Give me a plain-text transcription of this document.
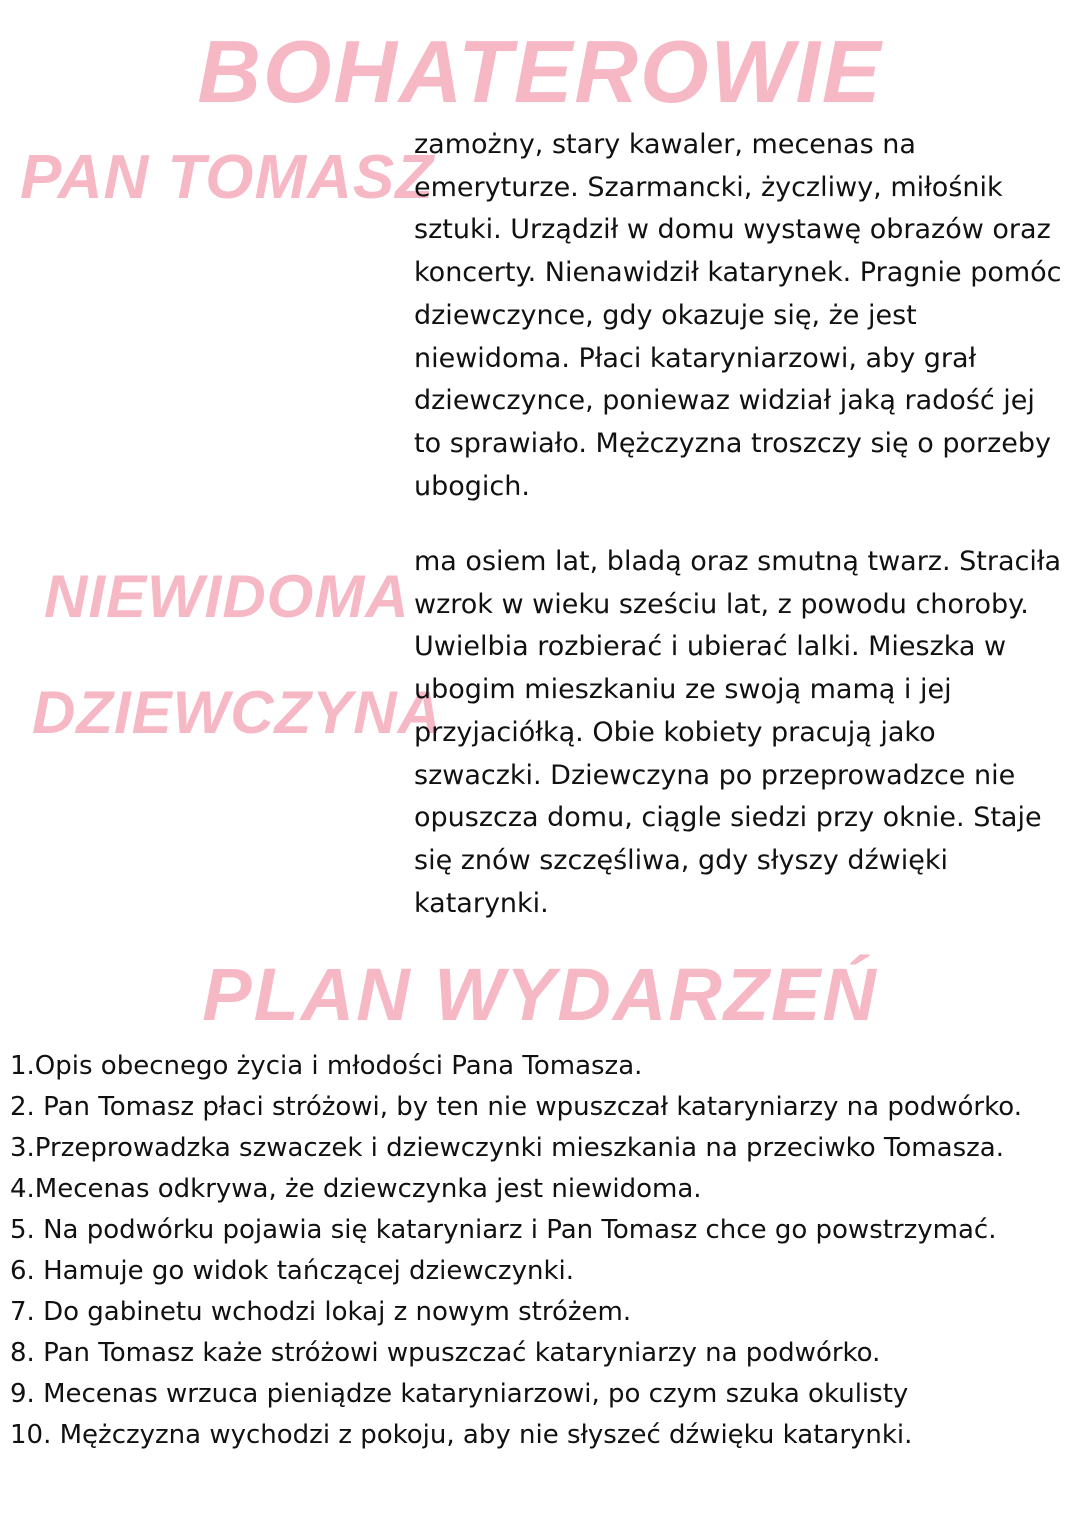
BOHATEROWIE
PAN TOMASZ

zamożny, stary kawaler, mecenas na emeryturze. Szarmancki, życzliwy, miłośnik sztuki. Urządził w domu wystawę obrazów oraz koncerty. Nienawidził katarynek. Pragnie pomóc dziewczynce, gdy okazuje się, że jest niewidoma. Płaci kataryniarzowi, aby grał dziewczynce, poniewaz widział jaką radość jej to sprawiało. Mężczyzna troszczy się o porzeby ubogich.

NIEWIDOMA
DZIEWCZYNA

ma osiem lat, bladą oraz smutną twarz. Straciła wzrok w wieku sześciu lat, z powodu choroby. Uwielbia rozbierać i ubierać lalki. Mieszka w ubogim mieszkaniu ze swoją mamą i jej przyjaciółką. Obie kobiety pracują jako szwaczki. Dziewczyna po przeprowadzce nie opuszcza domu, ciągle siedzi przy oknie. Staje się znów szczęśliwa, gdy słyszy dźwięki katarynki.

PLAN WYDARZEŃ
1.Opis obecnego życia i młodości Pana Tomasza.
2. Pan Tomasz płaci stróżowi, by ten nie wpuszczał kataryniarzy na podwórko.
3.Przeprowadzka szwaczek i dziewczynki mieszkania na przeciwko Tomasza.
4.Mecenas odkrywa, że dziewczynka jest niewidoma.
5. Na podwórku pojawia się kataryniarz i Pan Tomasz chce go powstrzymać.
6. Hamuje go widok tańczącej dziewczynki.
7. Do gabinetu wchodzi lokaj z nowym stróżem.
8. Pan Tomasz każe stróżowi wpuszczać kataryniarzy na podwórko.
9. Mecenas wrzuca pieniądze kataryniarzowi, po czym szuka okulisty
10. Mężczyzna wychodzi z pokoju, aby nie słyszeć dźwięku katarynki.
